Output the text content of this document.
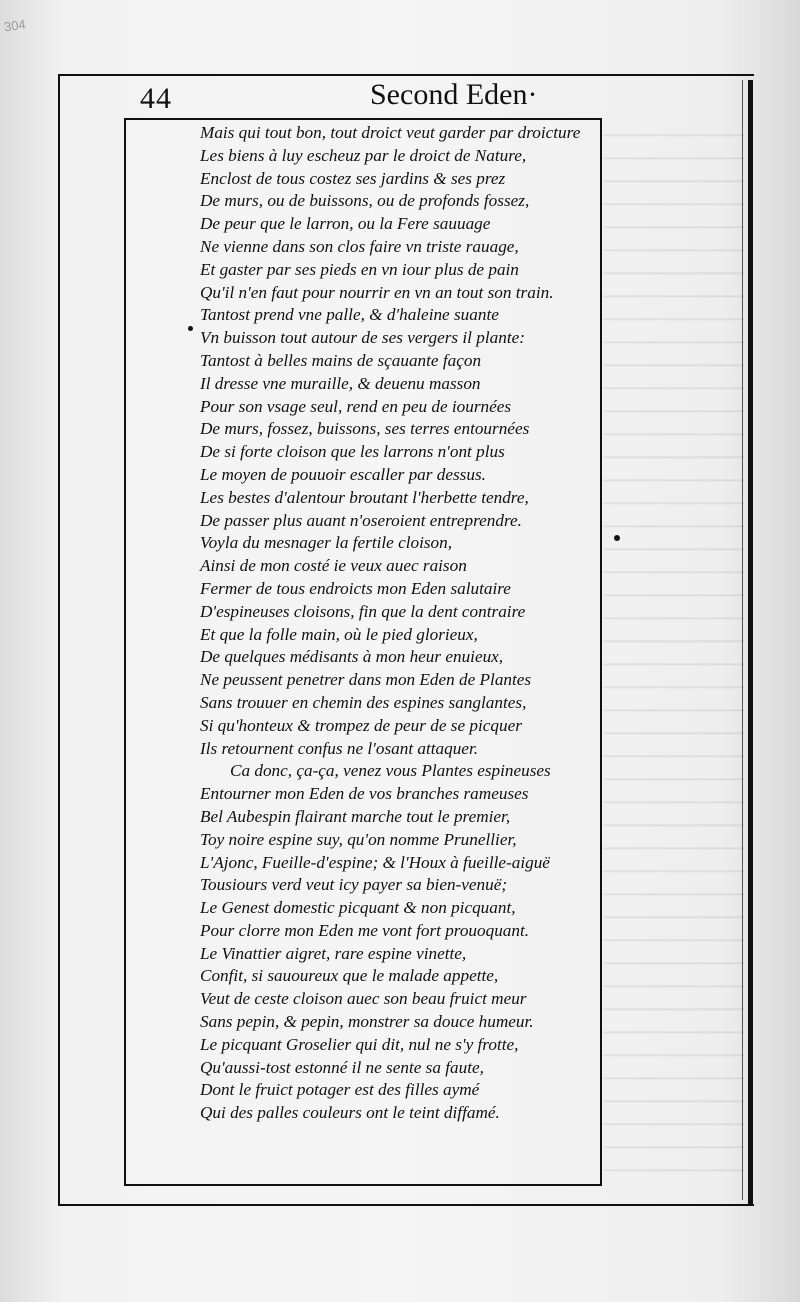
304
44	Second Eden·
Mais qui tout bon, tout droict veut garder par droicture
Les biens à luy escheuz par le droict de Nature,
Enclost de tous costez ses jardins & ses prez
De murs, ou de buissons, ou de profonds fossez,
De peur que le larron, ou la Fere sauuage
Ne vienne dans son clos faire vn triste rauage,
Et gaster par ses pieds en vn iour plus de pain
Qu'il n'en faut pour nourrir en vn an tout son train.
Tantost prend vne palle, & d'haleine suante
Vn buisson tout autour de ses vergers il plante:
Tantost à belles mains de sçauante façon
Il dresse vne muraille, & deuenu masson
Pour son vsage seul, rend en peu de iournées
De murs, fossez, buissons, ses terres entournées
De si forte cloison que les larrons n'ont plus
Le moyen de pouuoir escaller par dessus.
Les bestes d'alentour broutant l'herbette tendre,
De passer plus auant n'oseroient entreprendre.
Voyla du mesnager la fertile cloison,
Ainsi de mon costé ie veux auec raison
Fermer de tous endroicts mon Eden salutaire
D'espineuses cloisons, fin que la dent contraire
Et que la folle main, où le pied glorieux,
De quelques médisants à mon heur enuieux,
Ne peussent penetrer dans mon Eden de Plantes
Sans trouuer en chemin des espines sanglantes,
Si qu'honteux & trompez de peur de se picquer
Ils retournent confus ne l'osant attaquer.
Ca donc, ça-ça, venez vous Plantes espineuses
Entourner mon Eden de vos branches rameuses
Bel Aubespin flairant marche tout le premier,
Toy noire espine suy, qu'on nomme Prunellier,
L'Ajonc, Fueille-d'espine; & l'Houx à fueille-aiguë
Tousiours verd veut icy payer sa bien-venuë;
Le Genest domestic picquant & non picquant,
Pour clorre mon Eden me vont fort prouoquant.
Le Vinattier aigret, rare espine vinette,
Confit, si sauoureux que le malade appette,
Veut de ceste cloison auec son beau fruict meur
Sans pepin, & pepin, monstrer sa douce humeur.
Le picquant Groselier qui dit, nul ne s'y frotte,
Qu'aussi-tost estonné il ne sente sa faute,
Dont le fruict potager est des filles aymé
Qui des palles couleurs ont le teint diffamé.
